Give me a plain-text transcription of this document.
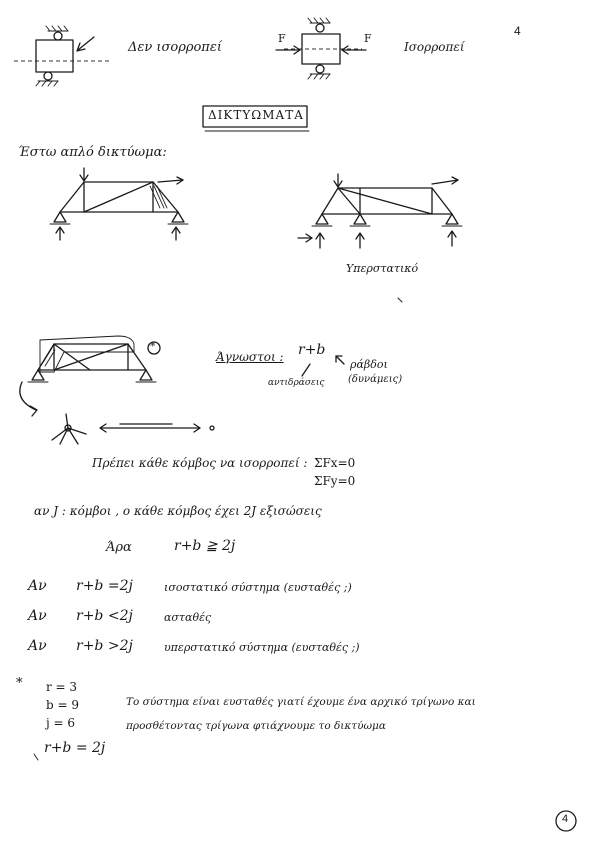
4
Δεν ισορροπεί
F	F
Ισορροπεί
ΔΙΚΤΥΩΜΑΤΑ
Έστω απλό δικτύωμα:
Υπερστατικό
*
Άγνωστοι : r+b
αντιδράσεις
ράβδοι
(δυνάμεις)
Πρέπει κάθε κόμβος να ισορροπεί : ΣFx=0
ΣFy=0
αν J : κόμβοι , ο κάθε κόμβος έχει 2J εξισώσεις
Άρα	r+b ≧ 2j
Αν r+b =2j	ισοστατικό σύστημα (ευσταθές ;)
Αν r+b <2j	ασταθές
Αν r+b >2j	υπερστατικό σύστημα (ευσταθές ;)
* r = 3
b = 9
j = 6
r+b = 2j
Το σύστημα είναι ευσταθές γιατί έχουμε ένα αρχικό τρίγωνο και
προσθέτοντας τρίγωνα φτιάχνουμε το δικτύωμα
4
